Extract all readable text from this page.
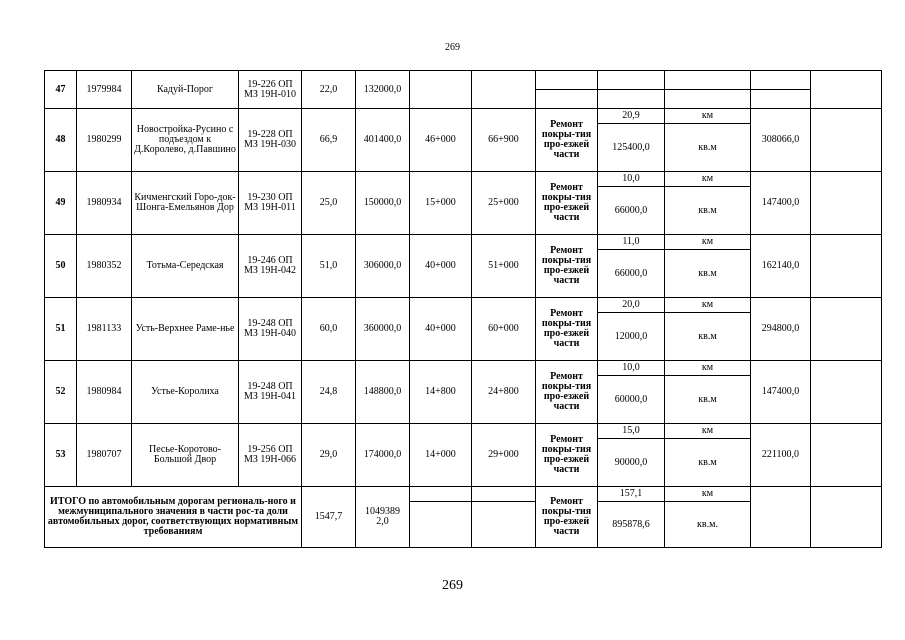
269
47	1979984	Кадуй-Порог	19-226 ОП МЗ 19Н-010	22,0	132000,0							

48	1980299	Новостройка-Русино с подъездом к Д.Королево, д.Павшино	19-228 ОП МЗ 19Н-030	66,9	401400,0	46+000	66+900	Ремонт покры-тия про-езжей части	20,9	км	308066,0	
									125400,0	кв.м		
49	1980934	Кичменгский Горо-док- Шонга-Емельянов Дор	19-230 ОП МЗ 19Н-011	25,0	150000,0	15+000	25+000	Ремонт покры-тия про-езжей части	10,0	км	147400,0	
									66000,0	кв.м		
50	1980352	Тотьма-Середская	19-246 ОП МЗ 19Н-042	51,0	306000,0	40+000	51+000	Ремонт покры-тия про-езжей части	11,0	км	162140,0	
									66000,0	кв.м		
51	1981133	Усть-Верхнее Раме-нье	19-248 ОП МЗ 19Н-040	60,0	360000,0	40+000	60+000	Ремонт покры-тия про-езжей части	20,0	км	294800,0	
									12000,0	кв.м		
52	1980984	Устье-Королиха	19-248 ОП МЗ 19Н-041	24,8	148800,0	14+800	24+800	Ремонт покры-тия про-езжей части	10,0	км	147400,0	
									60000,0	кв.м		
53	1980707	Песье-Коротово-Большой Двор	19-256 ОП МЗ 19Н-066	29,0	174000,0	14+000	29+000	Ремонт покры-тия про-езжей части	15,0	км	221100,0	
									90000,0	кв.м		
ИТОГО по автомобильным дорогам региональ-ного и межмуниципального значения в части рос-та доли автомобильных дорог, соответствующих нормативным требованиям				1547,7	1049389 2,0			Ремонт покры-тия про-езжей части	157,1	км		
									895878,6	кв.м.		
269
